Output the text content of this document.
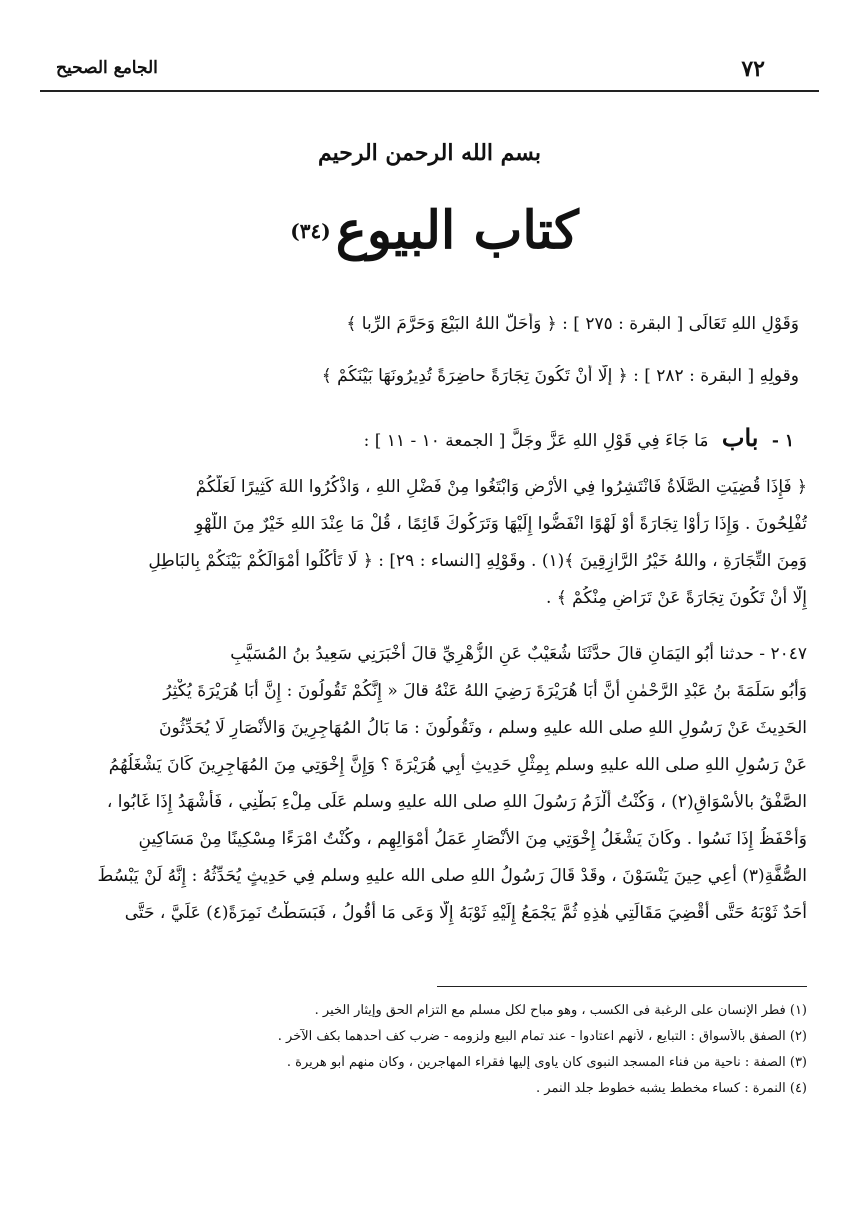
٧٢
الجامع الصحيح
بسم الله الرحمن الرحيم
كتاب البيوع (٣٤)
وَقَوْلِ اللهِ تَعَالَى [ البقرة : ٢٧٥ ] : ﴿ وَأَحَلَّ اللهُ البَيْعَ وَحَرَّمَ الرِّبا ﴾
وقولِهِ [ البقرة : ٢٨٢ ] : ﴿ إِلَّا أَنْ تَكُونَ تِجَارَةً حاضِرَةً تُدِيرُونَهَا بَيْنَكُمْ ﴾
١ - باب مَا جَاءَ فِي قَوْلِ اللهِ عَزَّ وجَلَّ [ الجمعة ١٠ - ١١ ] :
﴿ فَإِذَا قُضِيَتِ الصَّلَاةُ فَانْتَشِرُوا فِي الأَرْضِ وَابْتَغُوا مِنْ فَضْلِ اللهِ ، وَاذْكُرُوا اللهَ كَثِيرًا لَعَلَّكُمْ
تُفْلِحُونَ . وَإِذَا رَأَوْا تِجَارَةً أَوْ لَهْوًا انْفَضُّوا إِلَيْهَا وَتَرَكُوكَ قَائِمًا ، قُلْ مَا عِنْدَ اللهِ خَيْرٌ مِنَ اللَّهْوِ
وَمِنَ التِّجَارَةِ ، واللهُ خَيْرُ الرَّازِقِينَ ﴾(١) . وقَوْلِهِ [النساء : ٢٩] : ﴿ لَا تَأْكُلُوا أَمْوَالَكُمْ بَيْنَكُمْ بِالبَاطِلِ
إِلَّا أَنْ تَكُونَ تِجَارَةً عَنْ تَرَاضٍ مِنْكُمْ ﴾ .
٢٠٤٧ - حدثنا أَبُو اليَمَانِ قالَ حدَّثَنَا شُعَيْبٌ عَنِ الزُّهْرِيِّ قالَ أَخْبَرَنِي سَعِيدُ بنُ المُسَيَّبِ
وَأَبُو سَلَمَةَ بنُ عَبْدِ الرَّحْمٰنِ أَنَّ أَبَا هُرَيْرَةَ رَضِيَ اللهُ عَنْهُ قالَ « إِنَّكُمْ تَقُولُونَ : إِنَّ أَبَا هُرَيْرَةَ يُكْثِرُ
الحَدِيثَ عَنْ رَسُولِ اللهِ صلى الله عليهِ وسلم ، وتَقُولُونَ : مَا بَالُ المُهَاجِرِينَ وَالأَنْصَارِ لَا يُحَدِّثُونَ
عَنْ رَسُولِ اللهِ صلى الله عليهِ وسلم بِمِثْلِ حَدِيثِ أَبِي هُرَيْرَةَ ؟ وَإِنَّ إِخْوَتِي مِنَ المُهَاجِرِينَ كَانَ يَشْغَلُهُمُ
الصَّفْقُ بالأَسْوَاقِ(٢) ، وَكُنْتُ أَلْزَمُ رَسُولَ اللهِ صلى الله عليهِ وسلم عَلَى مِلْءِ بَطْنِي ، فَأَشْهَدُ إِذَا غَابُوا ،
وَأَحْفَظُ إِذَا نَسُوا . وكَانَ يَشْغَلُ إِخْوَتِي مِنَ الأَنْصَارِ عَمَلُ أَمْوَالِهِم ، وكُنْتُ امْرَءًا مِسْكِينًا مِنْ مَسَاكِينِ
الصُّفَّةِ(٣) أَعِي حِينَ يَنْسَوْنَ ، وقَدْ قَالَ رَسُولُ اللهِ صلى الله عليهِ وسلم فِي حَدِيثٍ يُحَدِّثُهُ : إِنَّهُ لَنْ يَبْسُطَ
أَحَدٌ ثَوْبَهُ حَتَّى أَقْضِيَ مَقَالَتِي هٰذِهِ ثُمَّ يَجْمَعُ إِلَيْهِ ثَوْبَهُ إِلَّا وَعَى مَا أَقُولُ ، فَبَسَطْتُ نَمِرَةً(٤) عَلَيَّ ، حَتَّى
(١) فطر الإنسان على الرغبة فى الكسب ، وهو مباح لكل مسلم مع التزام الحق وإيثار الخير .
(٢) الصفق بالأسواق : التبايع ، لأنهم اعتادوا - عند تمام البيع ولزومه - ضرب كف أحدهما بكف الآخر .
(٣) الصفة : ناحية من فناء المسجد النبوى كان يأوى إليها فقراء المهاجرين ، وكان منهم أبو هريرة .
(٤) النمرة : كساء مخطط يشبه خطوط جلد النمر .
